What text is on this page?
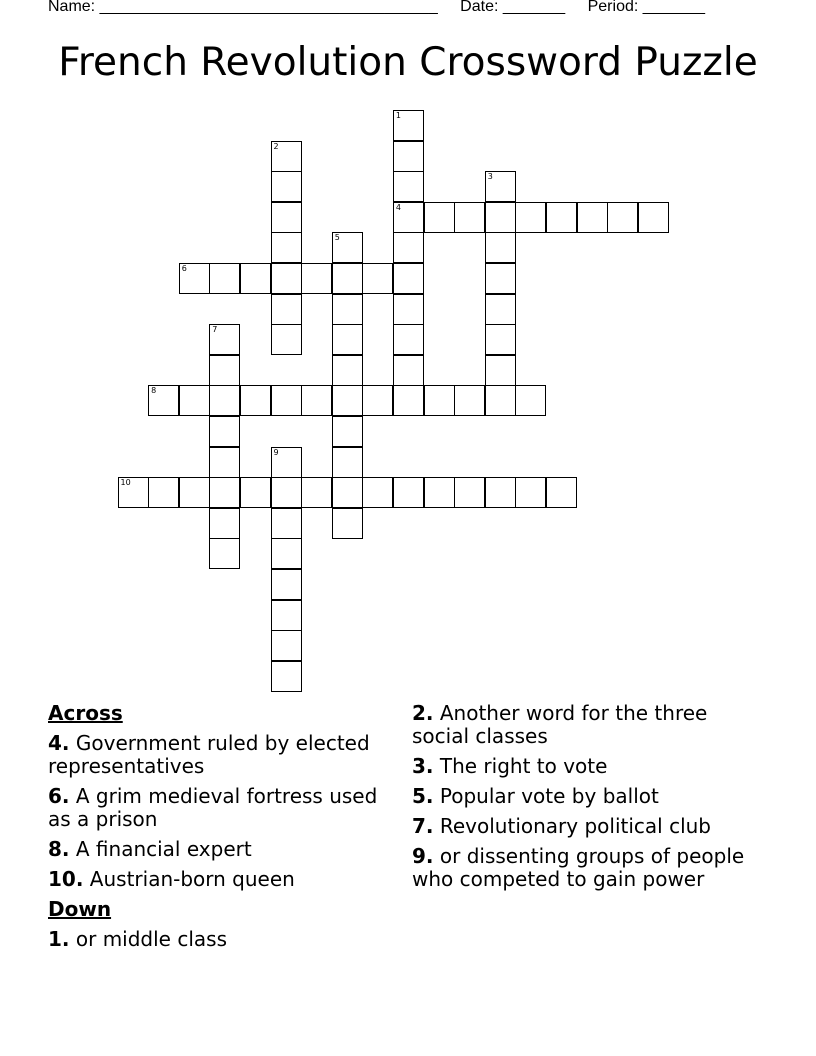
Name: ______________________________________ Date: _______ Period: _______
French Revolution Crossword Puzzle
1
4
2
3
5
6
7
8
9
10
Across
4. Government ruled by elected representatives
6. A grim medieval fortress used as a prison
8. A financial expert
10. Austrian-born queen
Down
1. or middle class
2. Another word for the three social classes
3. The right to vote
5. Popular vote by ballot
7. Revolutionary political club
9. or dissenting groups of people who competed to gain power
